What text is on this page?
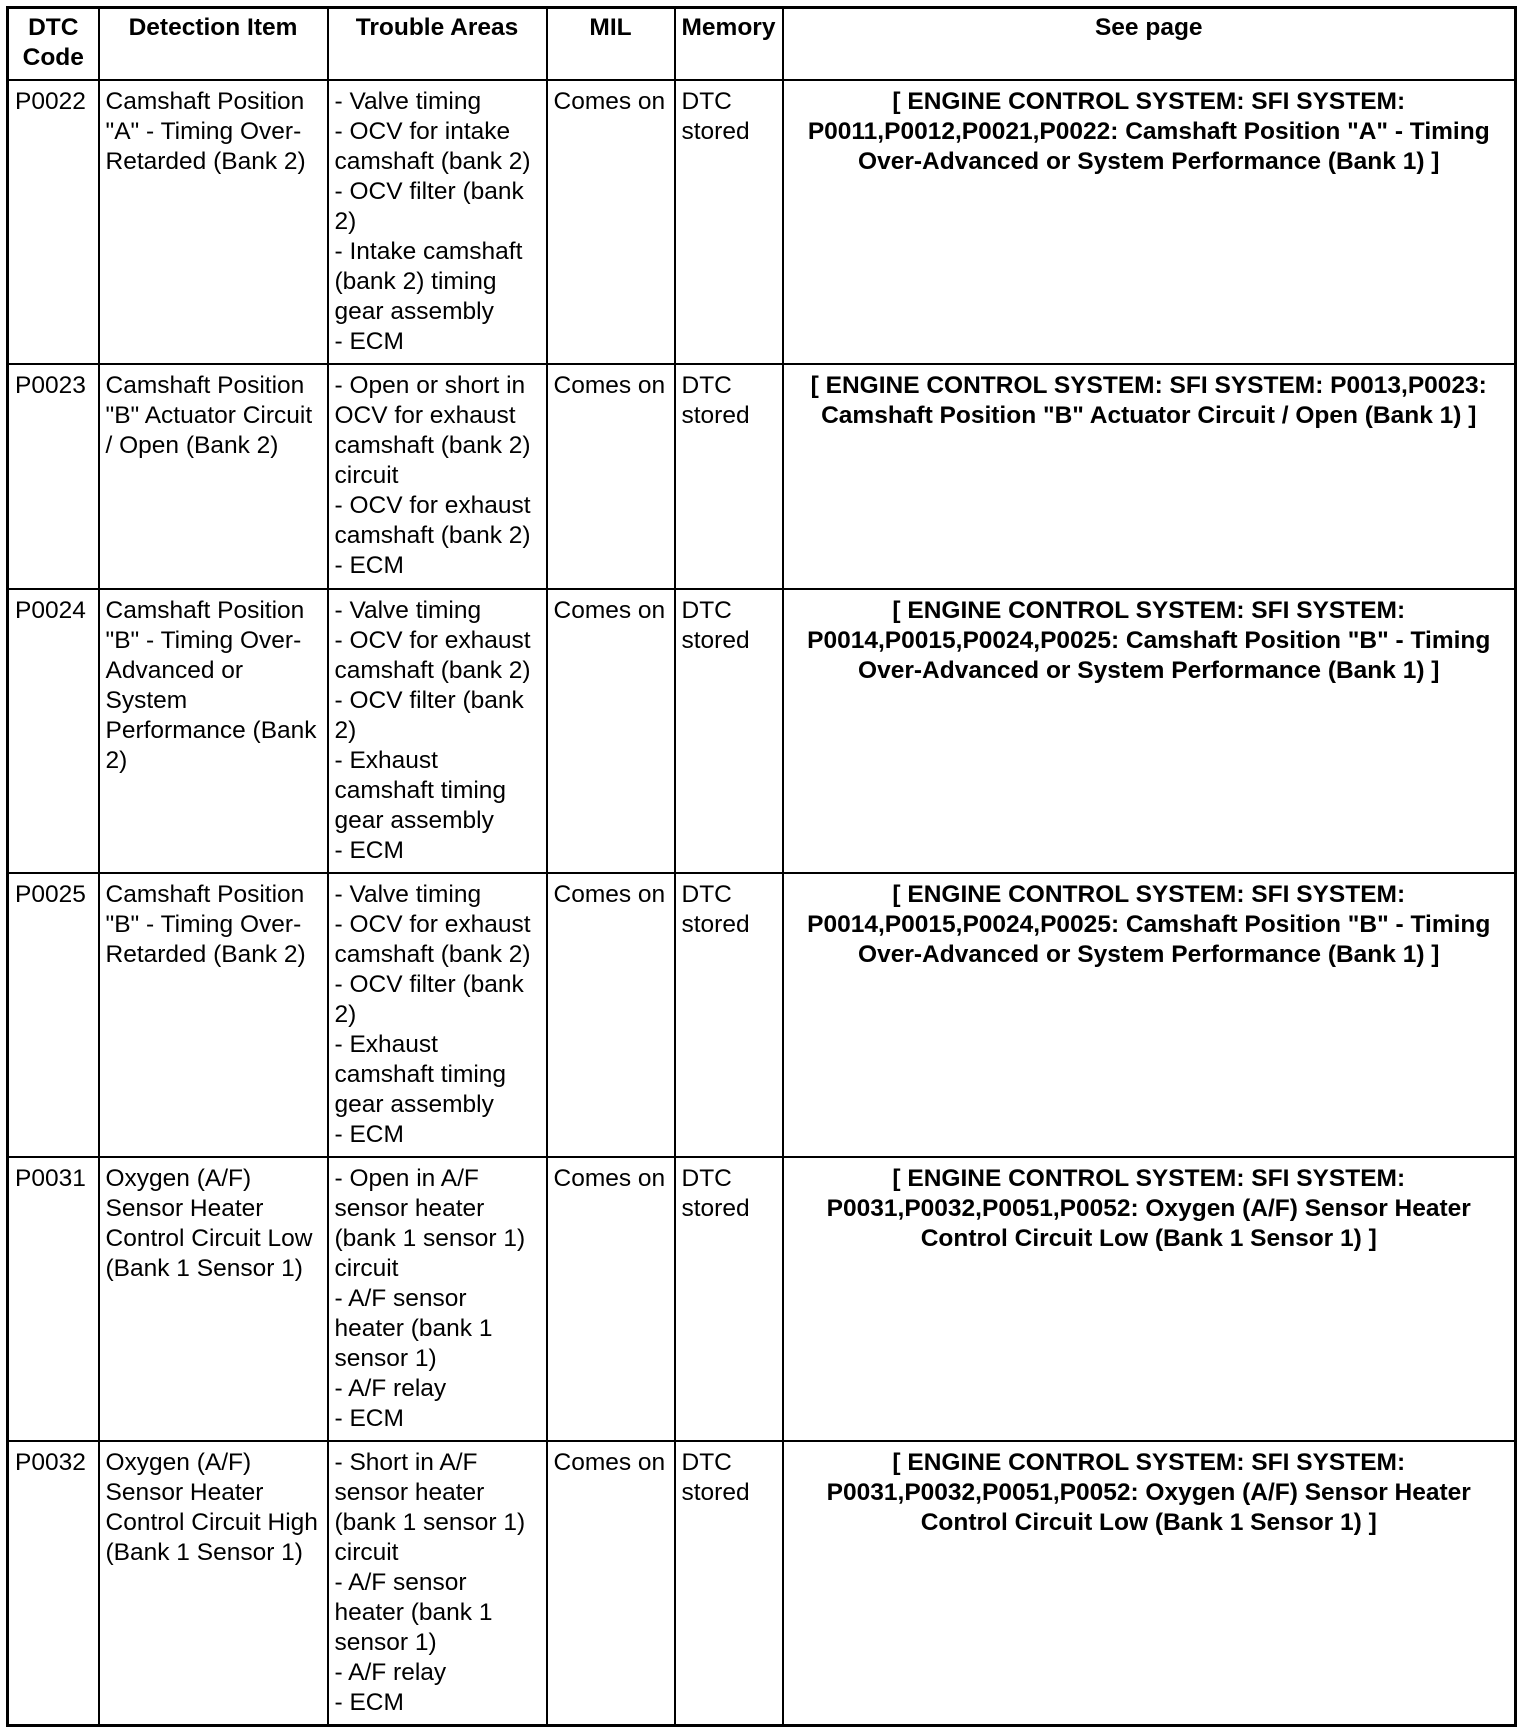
DTC Code	Detection Item	Trouble Areas	MIL	Memory	See page
P0022	Camshaft Position "A" - Timing Over-Retarded (Bank 2)	- Valve timing
- OCV for intake camshaft (bank 2)
- OCV filter (bank 2)
- Intake camshaft (bank 2) timing gear assembly
- ECM	Comes on	DTC stored	[ ENGINE CONTROL SYSTEM: SFI SYSTEM: P0011,P0012,P0021,P0022: Camshaft Position "A" - Timing Over-Advanced or System Performance (Bank 1) ]
P0023	Camshaft Position "B" Actuator Circuit / Open (Bank 2)	- Open or short in OCV for exhaust camshaft (bank 2) circuit
- OCV for exhaust camshaft (bank 2)
- ECM	Comes on	DTC stored	[ ENGINE CONTROL SYSTEM: SFI SYSTEM: P0013,P0023: Camshaft Position "B" Actuator Circuit / Open (Bank 1) ]
P0024	Camshaft Position "B" - Timing Over-Advanced or System Performance (Bank 2)	- Valve timing
- OCV for exhaust camshaft (bank 2)
- OCV filter (bank 2)
- Exhaust camshaft timing gear assembly
- ECM	Comes on	DTC stored	[ ENGINE CONTROL SYSTEM: SFI SYSTEM: P0014,P0015,P0024,P0025: Camshaft Position "B" - Timing Over-Advanced or System Performance (Bank 1) ]
P0025	Camshaft Position "B" - Timing Over-Retarded (Bank 2)	- Valve timing
- OCV for exhaust camshaft (bank 2)
- OCV filter (bank 2)
- Exhaust camshaft timing gear assembly
- ECM	Comes on	DTC stored	[ ENGINE CONTROL SYSTEM: SFI SYSTEM: P0014,P0015,P0024,P0025: Camshaft Position "B" - Timing Over-Advanced or System Performance (Bank 1) ]
P0031	Oxygen (A/F) Sensor Heater Control Circuit Low (Bank 1 Sensor 1)	- Open in A/F sensor heater (bank 1 sensor 1) circuit
- A/F sensor heater (bank 1 sensor 1)
- A/F relay
- ECM	Comes on	DTC stored	[ ENGINE CONTROL SYSTEM: SFI SYSTEM: P0031,P0032,P0051,P0052: Oxygen (A/F) Sensor Heater Control Circuit Low (Bank 1 Sensor 1) ]
P0032	Oxygen (A/F) Sensor Heater Control Circuit High (Bank 1 Sensor 1)	- Short in A/F sensor heater (bank 1 sensor 1) circuit
- A/F sensor heater (bank 1 sensor 1)
- A/F relay
- ECM	Comes on	DTC stored	[ ENGINE CONTROL SYSTEM: SFI SYSTEM: P0031,P0032,P0051,P0052: Oxygen (A/F) Sensor Heater Control Circuit Low (Bank 1 Sensor 1) ]
